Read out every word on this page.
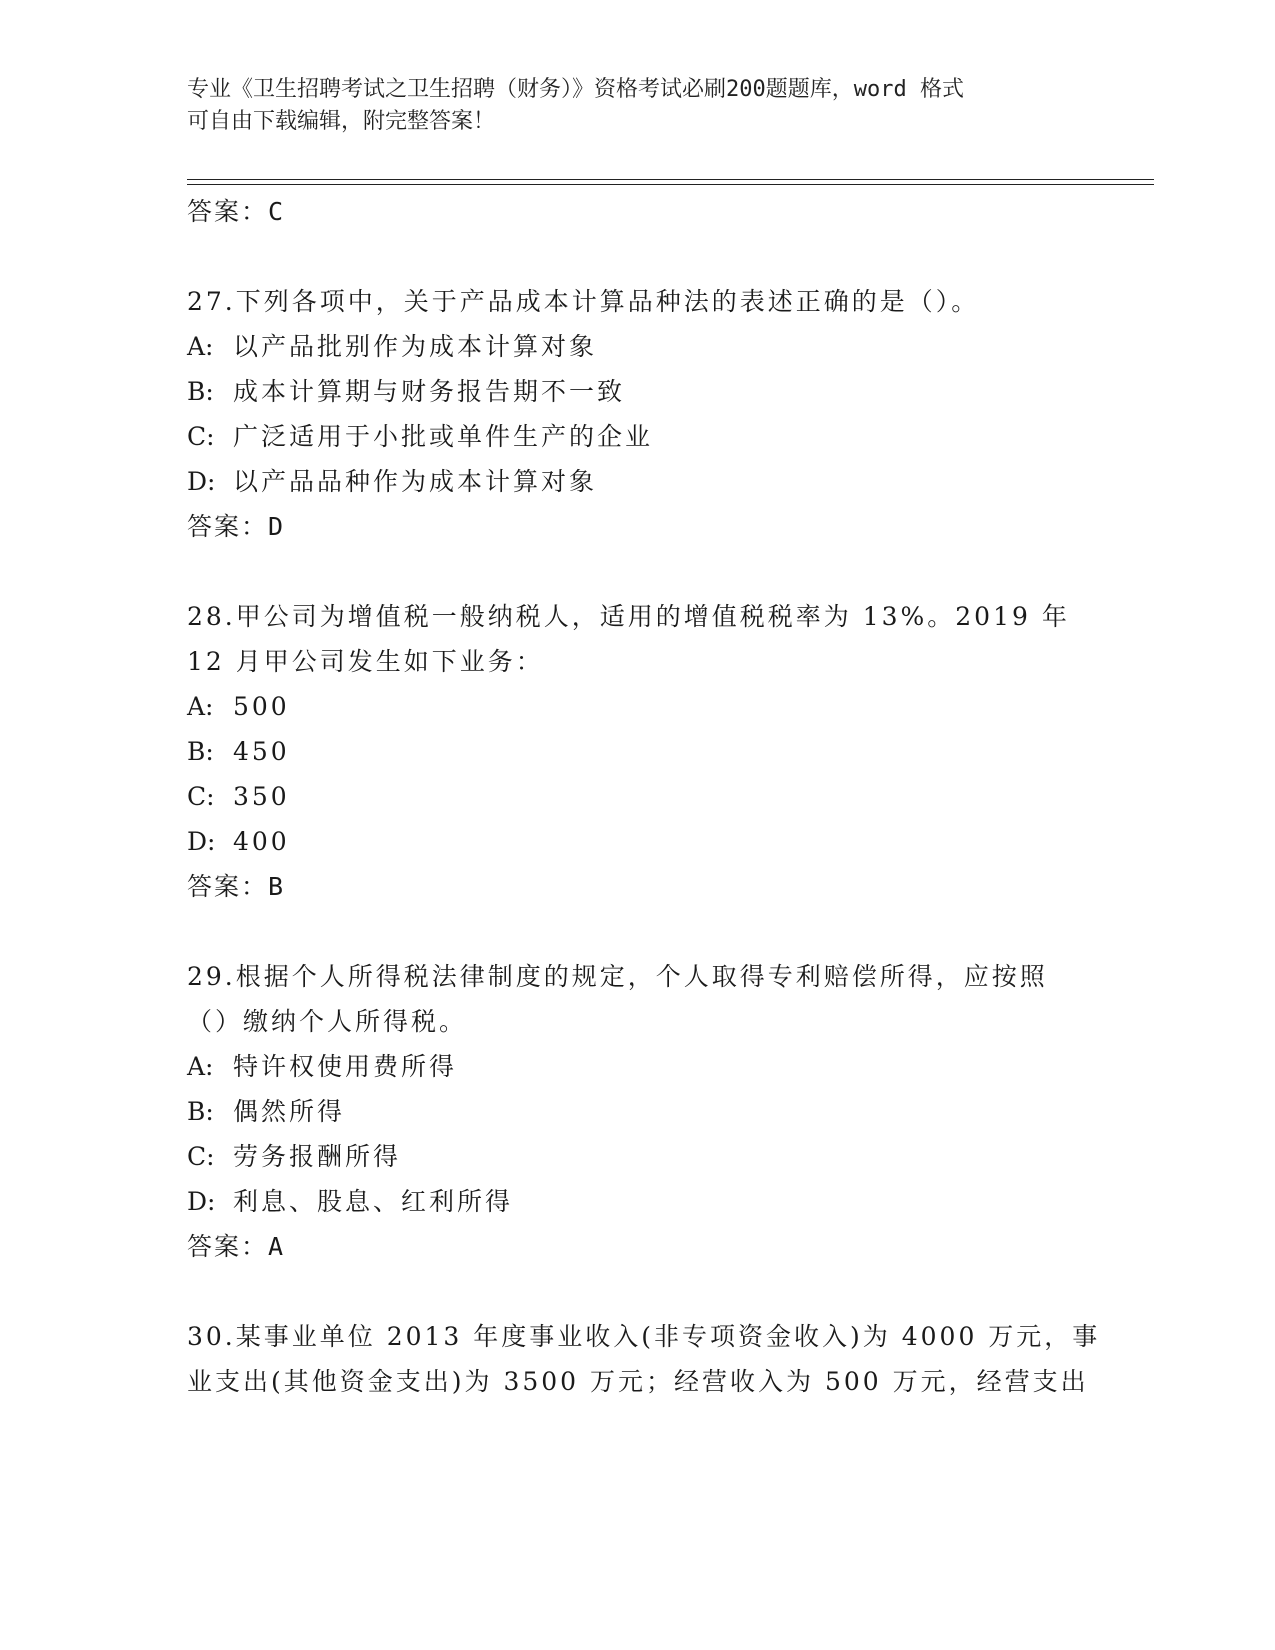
专业《卫生招聘考试之卫生招聘（财务）》资格考试必刷200题题库，word 格式
可自由下载编辑，附完整答案！
答案：C
27.下列各项中，关于产品成本计算品种法的表述正确的是（）。
A: 以产品批别作为成本计算对象
B: 成本计算期与财务报告期不一致
C: 广泛适用于小批或单件生产的企业
D: 以产品品种作为成本计算对象
答案：D
28.甲公司为增值税一般纳税人，适用的增值税税率为 13%。2019 年
12 月甲公司发生如下业务：
A: 500
B: 450
C: 350
D: 400
答案：B
29.根据个人所得税法律制度的规定，个人取得专利赔偿所得，应按照
（）缴纳个人所得税。
A: 特许权使用费所得
B: 偶然所得
C: 劳务报酬所得
D: 利息、股息、红利所得
答案：A
30.某事业单位 2013 年度事业收入(非专项资金收入)为 4000 万元，事
业支出(其他资金支出)为 3500 万元；经营收入为 500 万元，经营支出
